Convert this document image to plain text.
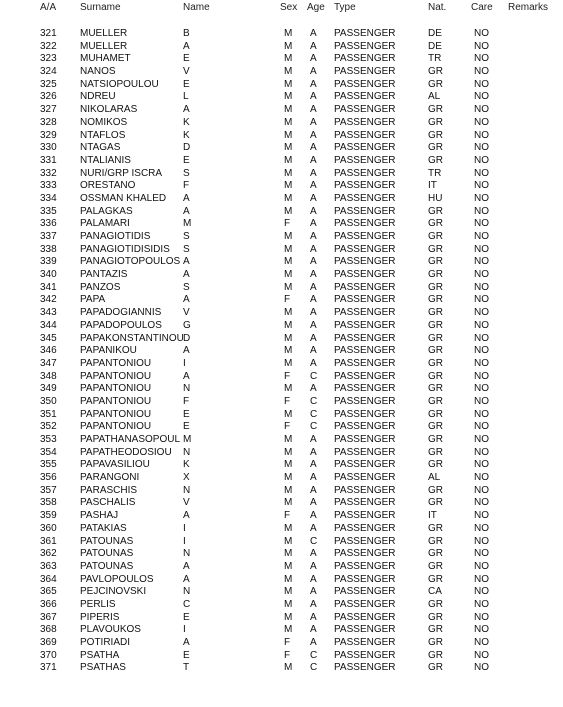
A/A Surname	Name	Sex Age Type	Nat. Care Remarks
321 MUELLER	B	M A PASSENGER	DE	NO
322 MUELLER	A	M A PASSENGER	DE	NO
323 MUHAMET	E	M A PASSENGER	TR	NO
324 NANOS	V	M A PASSENGER	GR	NO
325 NATSIOPOULOU E	M A PASSENGER	GR	NO
326 NDREU	L	M A PASSENGER	AL	NO
327 NIKOLARAS	A	M A PASSENGER	GR	NO
328 NOMIKOS	K	M A PASSENGER	GR	NO
329 NTAFLOS	K	M A PASSENGER	GR	NO
330 NTAGAS	D	M A PASSENGER	GR	NO
331 NTALIANIS	E	M A PASSENGER	GR	NO
332 NURI/GRP ISCRA S	M A PASSENGER	TR	NO
333 ORESTANO	F	M A PASSENGER	IT	NO
334 OSSMAN KHALED A	M A PASSENGER	HU	NO
335 PALAGKAS	A	M A PASSENGER	GR	NO
336 PALAMARI	M	F A PASSENGER	GR	NO
337 PANAGIOTIDIS	S	M A PASSENGER	GR	NO
338 PANAGIOTIDISIDIS S	M A PASSENGER	GR	NO
339 PANAGIOTOPOULOS A	M A PASSENGER	GR	NO
340 PANTAZIS	A	M A PASSENGER	GR	NO
341 PANZOS	S	M A PASSENGER	GR	NO
342 PAPA	A	F A PASSENGER	GR	NO
343 PAPADOGIANNIS V	M A PASSENGER	GR	NO
344 PAPADOPOULOS G	M A PASSENGER	GR	NO
345 PAPAKONSTANTINOU D	M A PASSENGER	GR	NO
346 PAPANIKOU	A	M A PASSENGER	GR	NO
347 PAPANTONIOU	I	M A PASSENGER	GR	NO
348 PAPANTONIOU	A	F C PASSENGER	GR	NO
349 PAPANTONIOU	N	M A PASSENGER	GR	NO
350 PAPANTONIOU	F	F C PASSENGER	GR	NO
351 PAPANTONIOU	E	M C PASSENGER	GR	NO
352 PAPANTONIOU	E	F C PASSENGER	GR	NO
353 PAPATHANASOPOUL M	M A PASSENGER	GR	NO
354 PAPATHEODOSIOU N	M A PASSENGER	GR	NO
355 PAPAVASILIOU	K	M A PASSENGER	GR	NO
356 PARANGONI	X	M A PASSENGER	AL	NO
357 PARASCHIS	N	M A PASSENGER	GR	NO
358 PASCHALIS	V	M A PASSENGER	GR	NO
359 PASHAJ	A	F A PASSENGER	IT	NO
360 PATAKIAS	I	M A PASSENGER	GR	NO
361 PATOUNAS	I	M C PASSENGER	GR	NO
362 PATOUNAS	N	M A PASSENGER	GR	NO
363 PATOUNAS	A	M A PASSENGER	GR	NO
364 PAVLOPOULOS	A	M A PASSENGER	GR	NO
365 PEJCINOVSKI	N	M A PASSENGER	CA	NO
366 PERLIS	C	M A PASSENGER	GR	NO
367 PIPERIS	E	M A PASSENGER	GR	NO
368 PLAVOUKOS	I	M A PASSENGER	GR	NO
369 POTIRIADI	A	F A PASSENGER	GR	NO
370 PSATHA	E	F C PASSENGER	GR	NO
371 PSATHAS	T	M C PASSENGER	GR	NO
